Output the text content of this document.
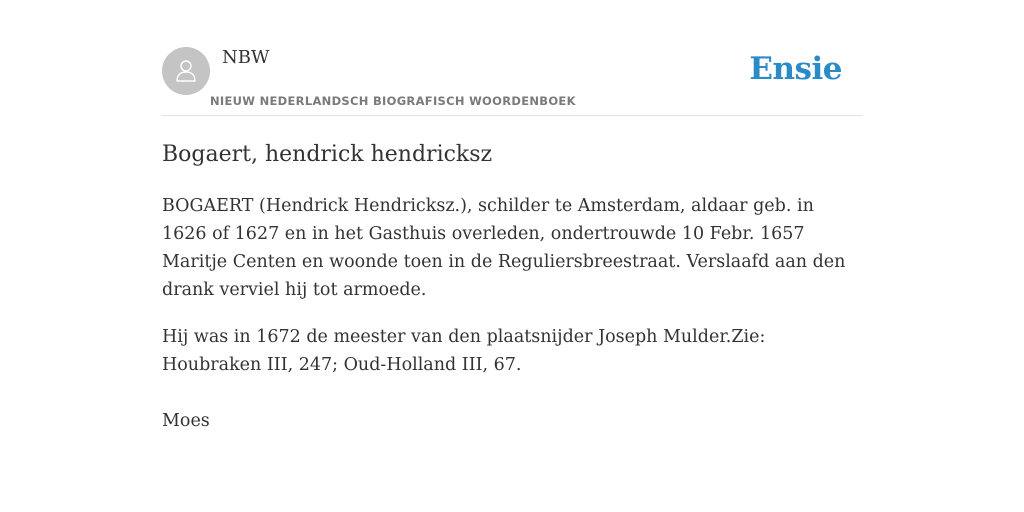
NBW
NIEUW NEDERLANDSCH BIOGRAFISCH WOORDENBOEK
Ensie
Bogaert, hendrick hendricksz

BOGAERT (Hendrick Hendricksz.), schilder te Amsterdam, aldaar geb. in 1626 of 1627 en in het Gasthuis overleden, ondertrouwde 10 Febr. 1657 Maritje Centen en woonde toen in de Reguliersbreestraat. Verslaafd aan den drank verviel hij tot armoede.

Hij was in 1672 de meester van den plaatsnijder Joseph Mulder.Zie: Houbraken III, 247; Oud-Holland III, 67.

Moes
